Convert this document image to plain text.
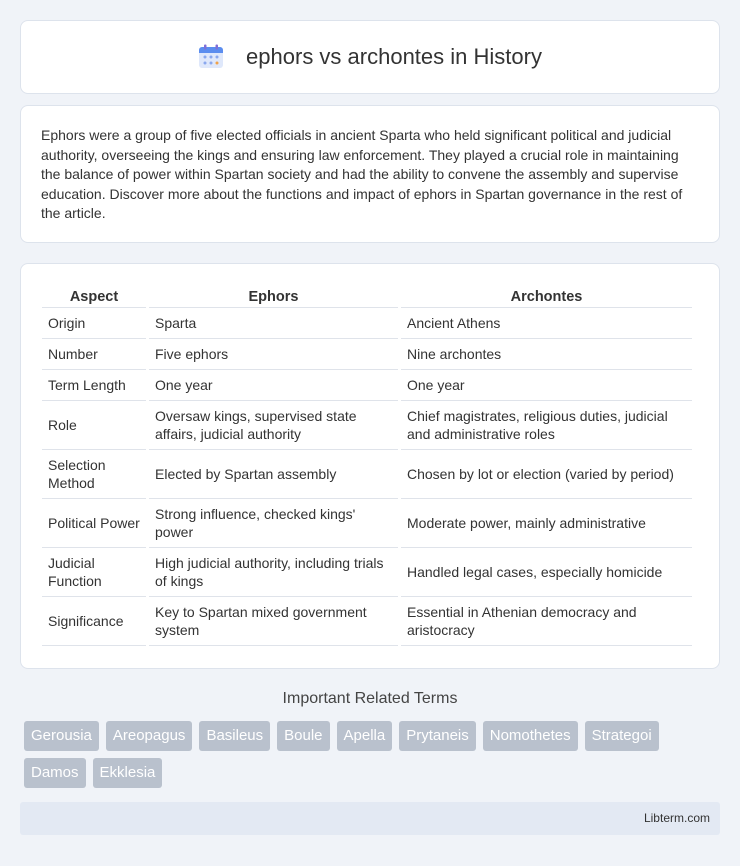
ephors vs archontes in History

Ephors were a group of five elected officials in ancient Sparta who held significant political and judicial authority, overseeing the kings and ensuring law enforcement. They played a crucial role in maintaining the balance of power within Spartan society and had the ability to convene the assembly and supervise education. Discover more about the functions and impact of ephors in Spartan governance in the rest of the article.

Aspect	Ephors	Archontes
Origin	Sparta	Ancient Athens
Number	Five ephors	Nine archontes
Term Length	One year	One year
Role	Oversaw kings, supervised state affairs, judicial authority	Chief magistrates, religious duties, judicial and administrative roles
Selection Method	Elected by Spartan assembly	Chosen by lot or election (varied by period)
Political Power	Strong influence, checked kings' power	Moderate power, mainly administrative
Judicial Function	High judicial authority, including trials of kings	Handled legal cases, especially homicide
Significance	Key to Spartan mixed government system	Essential in Athenian democracy and aristocracy
Important Related Terms
Gerousia	Areopagus	Basileus	Boule	Apella	Prytaneis	Nomothetes	Strategoi
Damos	Ekklesia
Libterm.com
